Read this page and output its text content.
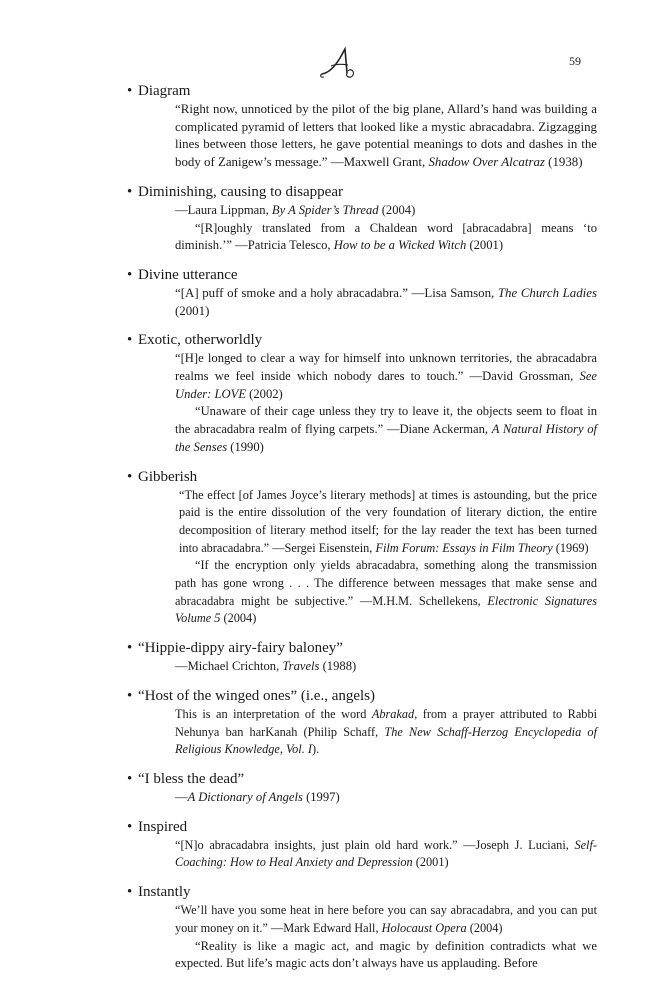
59
• Diagram
“Right now, unnoticed by the pilot of the big plane, Allard’s hand was building a complicated pyramid of letters that looked like a mystic abracadabra. Zigzagging lines between those letters, he gave potential meanings to dots and dashes in the body of Zanigew’s message.” —Maxwell Grant, Shadow Over Alcatraz (1938)
• Diminishing, causing to disappear
—Laura Lippman, By A Spider’s Thread (2004)
“[R]oughly translated from a Chaldean word [abracadabra] means ‘to diminish.’” —Patricia Telesco, How to be a Wicked Witch (2001)
• Divine utterance
“[A] puff of smoke and a holy abracadabra.” —Lisa Samson, The Church Ladies (2001)
• Exotic, otherworldly
“[H]e longed to clear a way for himself into unknown territories, the abracadabra realms we feel inside which nobody dares to touch.” —David Grossman, See Under: LOVE (2002)
“Unaware of their cage unless they try to leave it, the objects seem to float in the abracadabra realm of flying carpets.” —Diane Ackerman, A Natural History of the Senses (1990)
• Gibberish
“The effect [of James Joyce’s literary methods] at times is astounding, but the price paid is the entire dissolution of the very foundation of literary diction, the entire decomposition of literary method itself; for the lay reader the text has been turned into abracadabra.” —Sergei Eisenstein, Film Forum: Essays in Film Theory (1969)
“If the encryption only yields abracadabra, something along the transmission path has gone wrong . . . The difference between messages that make sense and abracadabra might be subjective.” —M.H.M. Schellekens, Electronic Signatures Volume 5 (2004)
• “Hippie-dippy airy-fairy baloney”
—Michael Crichton, Travels (1988)
• “Host of the winged ones” (i.e., angels)
This is an interpretation of the word Abrakad, from a prayer attributed to Rabbi Nehunya ban harKanah (Philip Schaff, The New Schaff-Herzog Encyclopedia of Religious Knowledge, Vol. I).
• “I bless the dead”
—A Dictionary of Angels (1997)
• Inspired
“[N]o abracadabra insights, just plain old hard work.” —Joseph J. Luciani, Self-Coaching: How to Heal Anxiety and Depression (2001)
• Instantly
“We’ll have you some heat in here before you can say abracadabra, and you can put your money on it.” —Mark Edward Hall, Holocaust Opera (2004)
“Reality is like a magic act, and magic by definition contradicts what we expected. But life’s magic acts don’t always have us applauding. Before
